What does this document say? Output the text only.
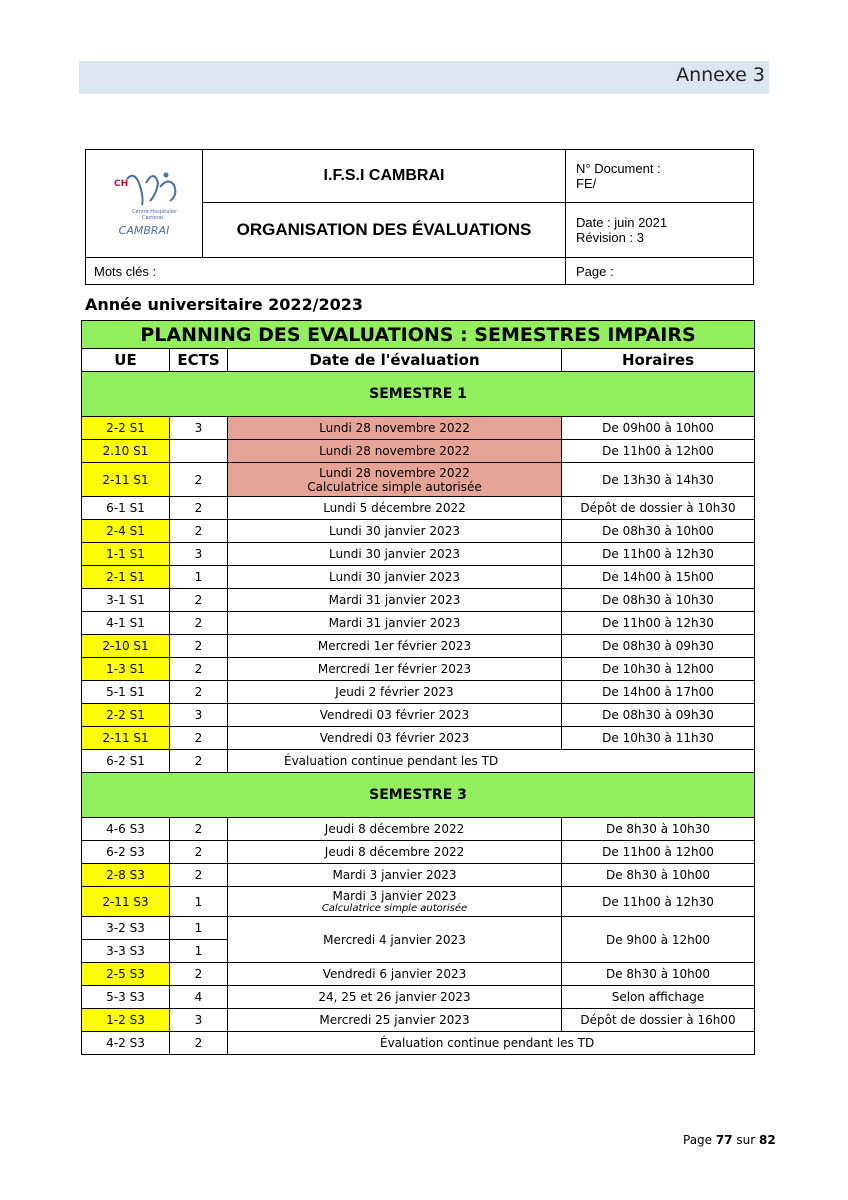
Annexe 3
CH
Centre Hospitalier
Cambrai
CAMBRAI	I.F.S.I CAMBRAI	N° Document :
FE/

	ORGANISATION DES ÉVALUATIONS	Date : juin 2021
Révision : 3

Mots clés :		Page :
Année universitaire 2022/2023
PLANNING DES EVALUATIONS : SEMESTRES IMPAIRS			
UE	ECTS	Date de l'évaluation	Horaires
SEMESTRE 1			
2-2 S1	3	Lundi 28 novembre 2022	De 09h00 à 10h00
2.10 S1		Lundi 28 novembre 2022	De 11h00 à 12h00
2-11 S1	2	Lundi 28 novembre 2022
Calculatrice simple autorisée	De 13h30 à 14h30
6-1 S1	2	Lundi 5 décembre 2022	Dépôt de dossier à 10h30
2-4 S1	2	Lundi 30 janvier 2023	De 08h30 à 10h00
1-1 S1	3	Lundi 30 janvier 2023	De 11h00 à 12h30
2-1 S1	1	Lundi 30 janvier 2023	De 14h00 à 15h00
3-1 S1	2	Mardi 31 janvier 2023	De 08h30 à 10h30
4-1 S1	2	Mardi 31 janvier 2023	De 11h00 à 12h30
2-10 S1	2	Mercredi 1er février 2023	De 08h30 à 09h30
1-3 S1	2	Mercredi 1er février 2023	De 10h30 à 12h00
5-1 S1	2	Jeudi 2 février 2023	De 14h00 à 17h00
2-2 S1	3	Vendredi 03 février 2023	De 08h30 à 09h30
2-11 S1	2	Vendredi 03 février 2023	De 10h30 à 11h30
6-2 S1	2	Évaluation continue pendant les TD	
SEMESTRE 3			
4-6 S3	2	Jeudi 8 décembre 2022	De 8h30 à 10h30
6-2 S3	2	Jeudi 8 décembre 2022	De 11h00 à 12h00
2-8 S3	2	Mardi 3 janvier 2023	De 8h30 à 10h00
2-11 S3	1	Mardi 3 janvier 2023
Calculatrice simple autorisée	De 11h00 à 12h30
3-2 S3	1	Mercredi 4 janvier 2023	De 9h00 à 12h00
3-3 S3	1		
2-5 S3	2	Vendredi 6 janvier 2023	De 8h30 à 10h00
5-3 S3	4	24, 25 et 26 janvier 2023	Selon affichage
1-2 S3	3	Mercredi 25 janvier 2023	Dépôt de dossier à 16h00
4-2 S3	2	Évaluation continue pendant les TD	
Page 77 sur 82
